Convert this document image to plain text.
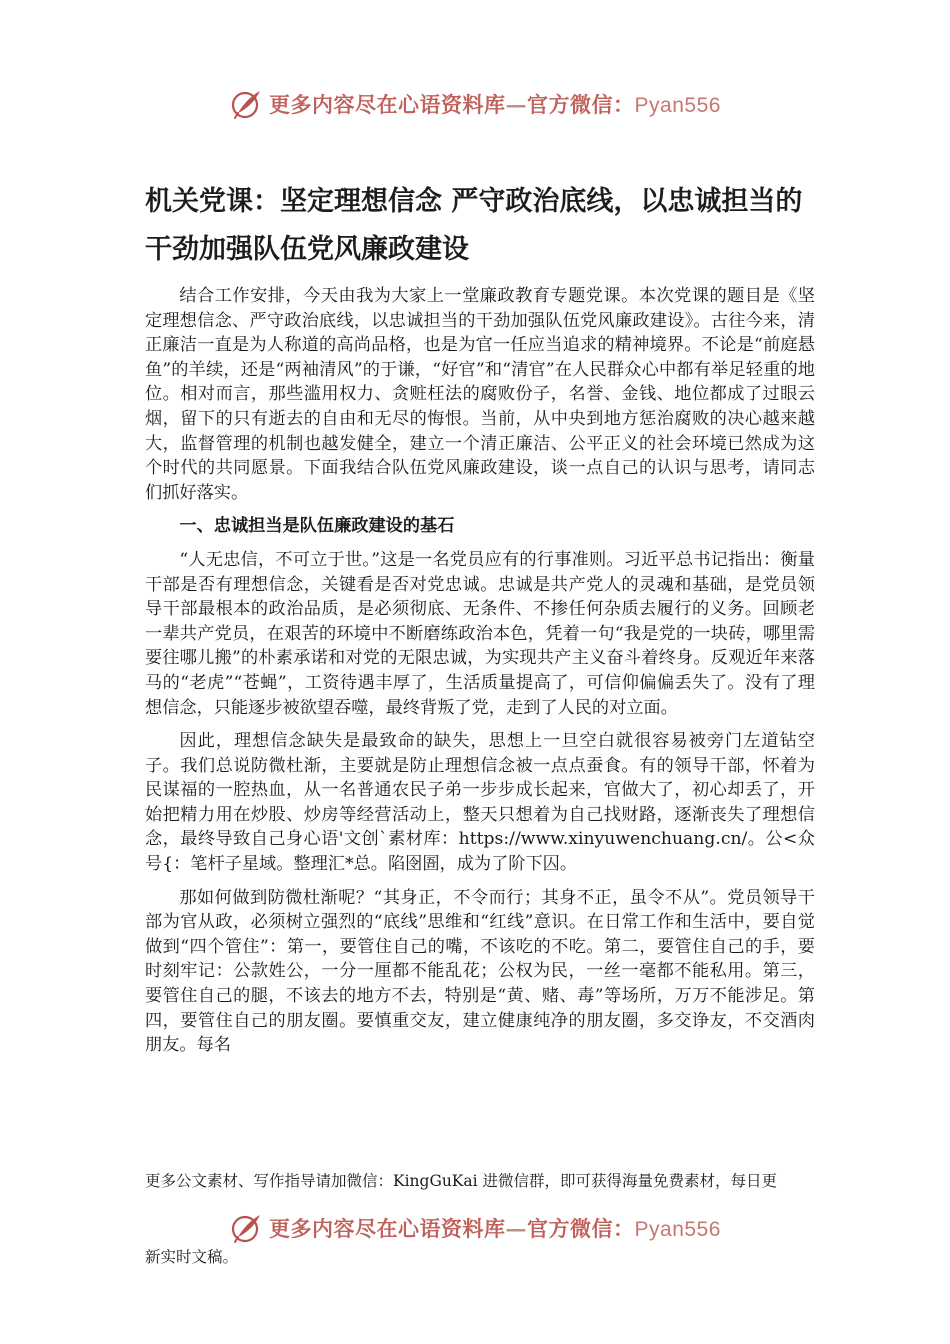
更多内容尽在心语资料库—官方微信：Pyan556
机关党课：坚定理想信念 严守政治底线，以忠诚担当的干劲加强队伍党风廉政建设

结合工作安排，今天由我为大家上一堂廉政教育专题党课。本次党课的题目是《坚定理想信念、严守政治底线，以忠诚担当的干劲加强队伍党风廉政建设》。古往今来，清正廉洁一直是为人称道的高尚品格，也是为官一任应当追求的精神境界。不论是“前庭悬鱼”的羊续，还是“两袖清风”的于谦，“好官”和“清官”在人民群众心中都有举足轻重的地位。相对而言，那些滥用权力、贪赃枉法的腐败份子，名誉、金钱、地位都成了过眼云烟，留下的只有逝去的自由和无尽的悔恨。当前，从中央到地方惩治腐败的决心越来越大，监督管理的机制也越发健全，建立一个清正廉洁、公平正义的社会环境已然成为这个时代的共同愿景。下面我结合队伍党风廉政建设，谈一点自己的认识与思考，请同志们抓好落实。

一、忠诚担当是队伍廉政建设的基石

“人无忠信，不可立于世。”这是一名党员应有的行事准则。习近平总书记指出：衡量干部是否有理想信念，关键看是否对党忠诚。忠诚是共产党人的灵魂和基础，是党员领导干部最根本的政治品质，是必须彻底、无条件、不掺任何杂质去履行的义务。回顾老一辈共产党员，在艰苦的环境中不断磨练政治本色，凭着一句“我是党的一块砖，哪里需要往哪儿搬”的朴素承诺和对党的无限忠诚，为实现共产主义奋斗着终身。反观近年来落马的“老虎”“苍蝇”，工资待遇丰厚了，生活质量提高了，可信仰偏偏丢失了。没有了理想信念，只能逐步被欲望吞噬，最终背叛了党，走到了人民的对立面。

因此，理想信念缺失是最致命的缺失，思想上一旦空白就很容易被旁门左道钻空子。我们总说防微杜渐，主要就是防止理想信念被一点点蚕食。有的领导干部，怀着为民谋福的一腔热血，从一名普通农民子弟一步步成长起来，官做大了，初心却丢了，开始把精力用在炒股、炒房等经营活动上，整天只想着为自己找财路，逐渐丧失了理想信念，最终导致自己身心语'文创`素材库：https://www.xinyuwenchuang.cn/。公<众号{：笔杆子星域。整理汇*总。陷囹圄，成为了阶下囚。

那如何做到防微杜渐呢？“其身正，不令而行；其身不正，虽令不从”。党员领导干部为官从政，必须树立强烈的“底线”思维和“红线”意识。在日常工作和生活中，要自觉做到“四个管住”：第一，要管住自己的嘴，不该吃的不吃。第二，要管住自己的手，要时刻牢记：公款姓公，一分一厘都不能乱花；公权为民，一丝一毫都不能私用。第三，要管住自己的腿，不该去的地方不去，特别是“黄、赌、毒”等场所，万万不能涉足。第四，要管住自己的朋友圈。要慎重交友，建立健康纯净的朋友圈，多交诤友，不交酒肉朋友。每名

更多公文素材、写作指导请加微信：KingGuKai 进微信群，即可获得海量免费素材，每日更
更多内容尽在心语资料库—官方微信：Pyan556
新实时文稿。
